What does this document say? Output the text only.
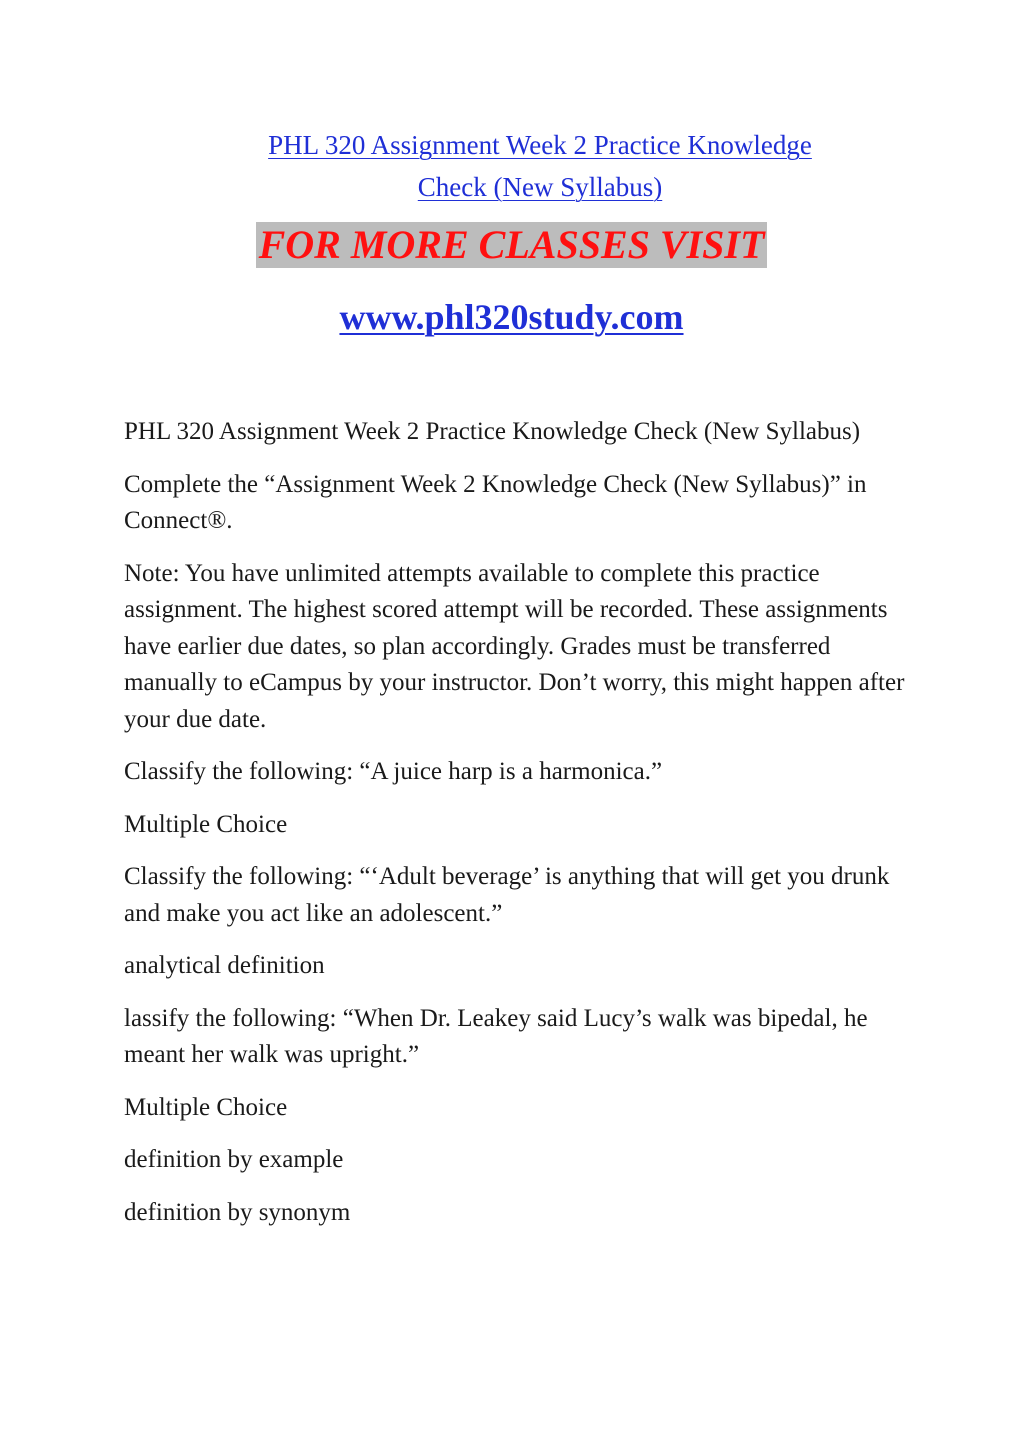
PHL 320 Assignment Week 2 Practice Knowledge
Check (New Syllabus)
FOR MORE CLASSES VISIT
www.phl320study.com

PHL 320 Assignment Week 2 Practice Knowledge Check (New Syllabus)

Complete the “Assignment Week 2 Knowledge Check (New Syllabus)” in Connect®.

Note: You have unlimited attempts available to complete this practice assignment. The highest scored attempt will be recorded. These assignments have earlier due dates, so plan accordingly. Grades must be transferred manually to eCampus by your instructor. Don’t worry, this might happen after your due date.

Classify the following: “A juice harp is a harmonica.”

Multiple Choice

Classify the following: “‘Adult beverage’ is anything that will get you drunk and make you act like an adolescent.”

analytical definition

lassify the following: “When Dr. Leakey said Lucy’s walk was bipedal, he meant her walk was upright.”

Multiple Choice

definition by example

definition by synonym
